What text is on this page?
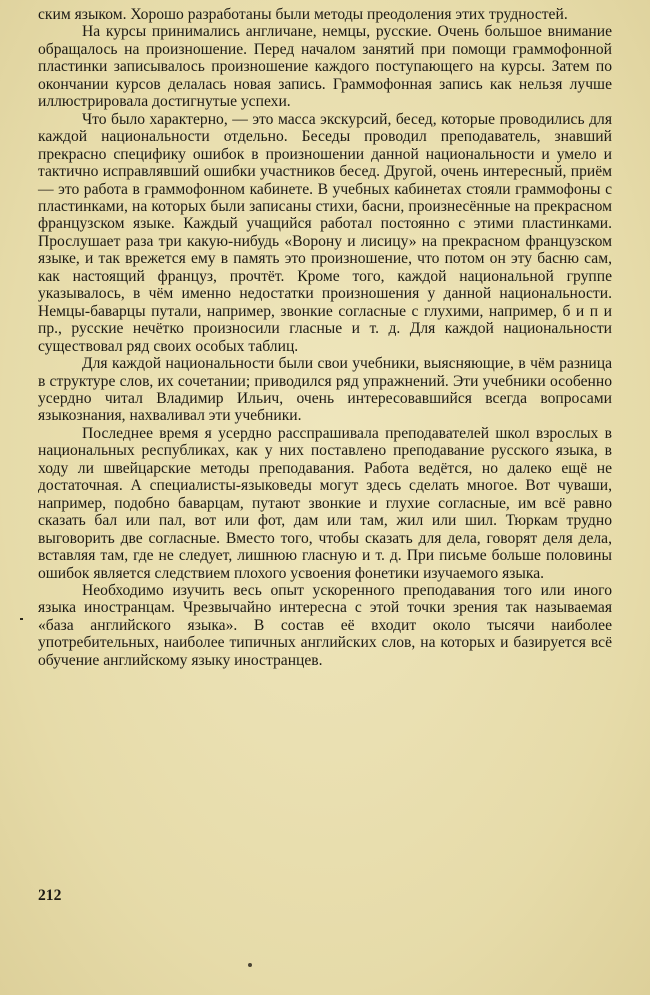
ским языком. Хорошо разработаны были методы преодоления этих трудностей.

На курсы принимались англичане, немцы, русские. Очень большое внимание обращалось на произношение. Перед началом занятий при помощи граммофонной пластинки записывалось произношение каждого поступающего на курсы. Затем по окончании курсов делалась новая запись. Граммофонная запись как нельзя лучше иллюстрировала достигнутые успехи.

Что было характерно, — это масса экскурсий, бесед, которые проводились для каждой национальности отдельно. Беседы проводил преподаватель, знавший прекрасно специфику ошибок в произношении данной национальности и умело и тактично исправлявший ошибки участников бесед. Другой, очень интересный, приём — это работа в граммофонном кабинете. В учебных кабинетах стояли граммофоны с пластинками, на которых были записаны стихи, басни, произнесённые на прекрасном французском языке. Каждый учащийся работал постоянно с этими пластинками. Прослушает раза три какую-нибудь «Ворону и лисицу» на прекрасном французском языке, и так врежется ему в память это произношение, что потом он эту басню сам, как настоящий француз, прочтёт. Кроме того, каждой национальной группе указывалось, в чём именно недостатки произношения у данной национальности. Немцы-баварцы путали, например, звонкие согласные с глухими, например, б и п и пр., русские нечётко произносили гласные и т. д. Для каждой национальности существовал ряд своих особых таблиц.

Для каждой национальности были свои учебники, выясняющие, в чём разница в структуре слов, их сочетании; приводился ряд упражнений. Эти учебники особенно усердно читал Владимир Ильич, очень интересовавшийся всегда вопросами языкознания, нахваливал эти учебники.

Последнее время я усердно расспрашивала преподавателей школ взрослых в национальных республиках, как у них поставлено преподавание русского языка, в ходу ли швейцарские методы преподавания. Работа ведётся, но далеко ещё не достаточная. А специалисты-языковеды могут здесь сделать многое. Вот чуваши, например, подобно баварцам, путают звонкие и глухие согласные, им всё равно сказать бал или пал, вот или фот, дам или там, жил или шил. Тюркам трудно выговорить две согласные. Вместо того, чтобы сказать для дела, говорят деля дела, вставляя там, где не следует, лишнюю гласную и т. д. При письме больше половины ошибок является следствием плохого усвоения фонетики изучаемого языка.

Необходимо изучить весь опыт ускоренного преподавания того или иного языка иностранцам. Чрезвычайно интересна с этой точки зрения так называемая «база английского языка». В состав её входит около тысячи наиболее употребительных, наиболее типичных английских слов, на которых и базируется всё обучение английскому языку иностранцев.

212
